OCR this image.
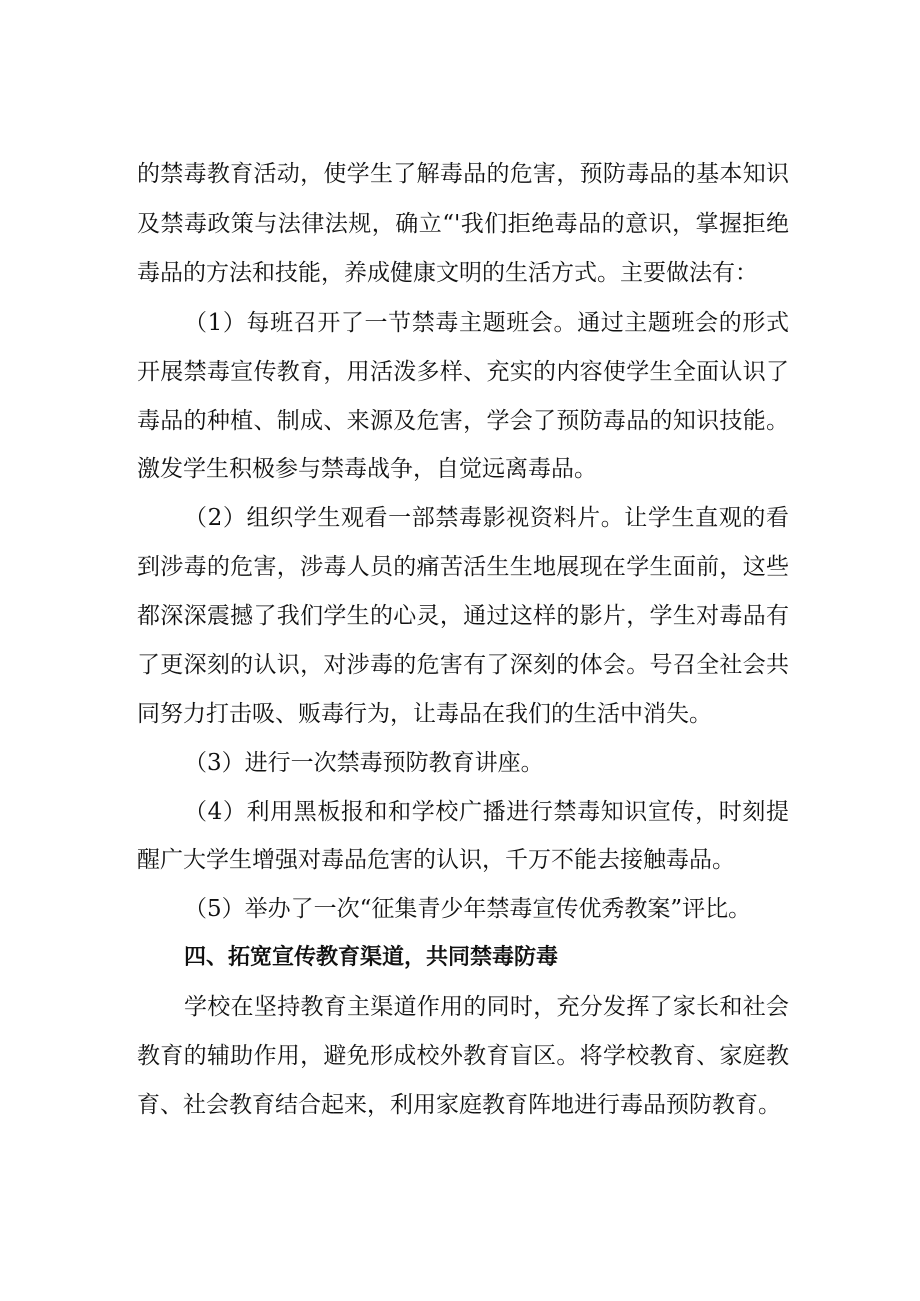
的禁毒教育活动，使学生了解毒品的危害，预防毒品的基本知识
及禁毒政策与法律法规，确立“'我们拒绝毒品的意识，掌握拒绝
毒品的方法和技能，养成健康文明的生活方式。主要做法有：
（1）每班召开了一节禁毒主题班会。通过主题班会的形式
开展禁毒宣传教育，用活泼多样、充实的内容使学生全面认识了
毒品的种植、制成、来源及危害，学会了预防毒品的知识技能。
激发学生积极参与禁毒战争，自觉远离毒品。
（2）组织学生观看一部禁毒影视资料片。让学生直观的看
到涉毒的危害，涉毒人员的痛苦活生生地展现在学生面前，这些
都深深震撼了我们学生的心灵，通过这样的影片，学生对毒品有
了更深刻的认识，对涉毒的危害有了深刻的体会。号召全社会共
同努力打击吸、贩毒行为，让毒品在我们的生活中消失。
（3）进行一次禁毒预防教育讲座。
（4）利用黑板报和和学校广播进行禁毒知识宣传，时刻提
醒广大学生增强对毒品危害的认识，千万不能去接触毒品。
（5）举办了一次“征集青少年禁毒宣传优秀教案”评比。
四、拓宽宣传教育渠道，共同禁毒防毒
学校在坚持教育主渠道作用的同时，充分发挥了家长和社会
教育的辅助作用，避免形成校外教育盲区。将学校教育、家庭教
育、社会教育结合起来，利用家庭教育阵地进行毒品预防教育。
